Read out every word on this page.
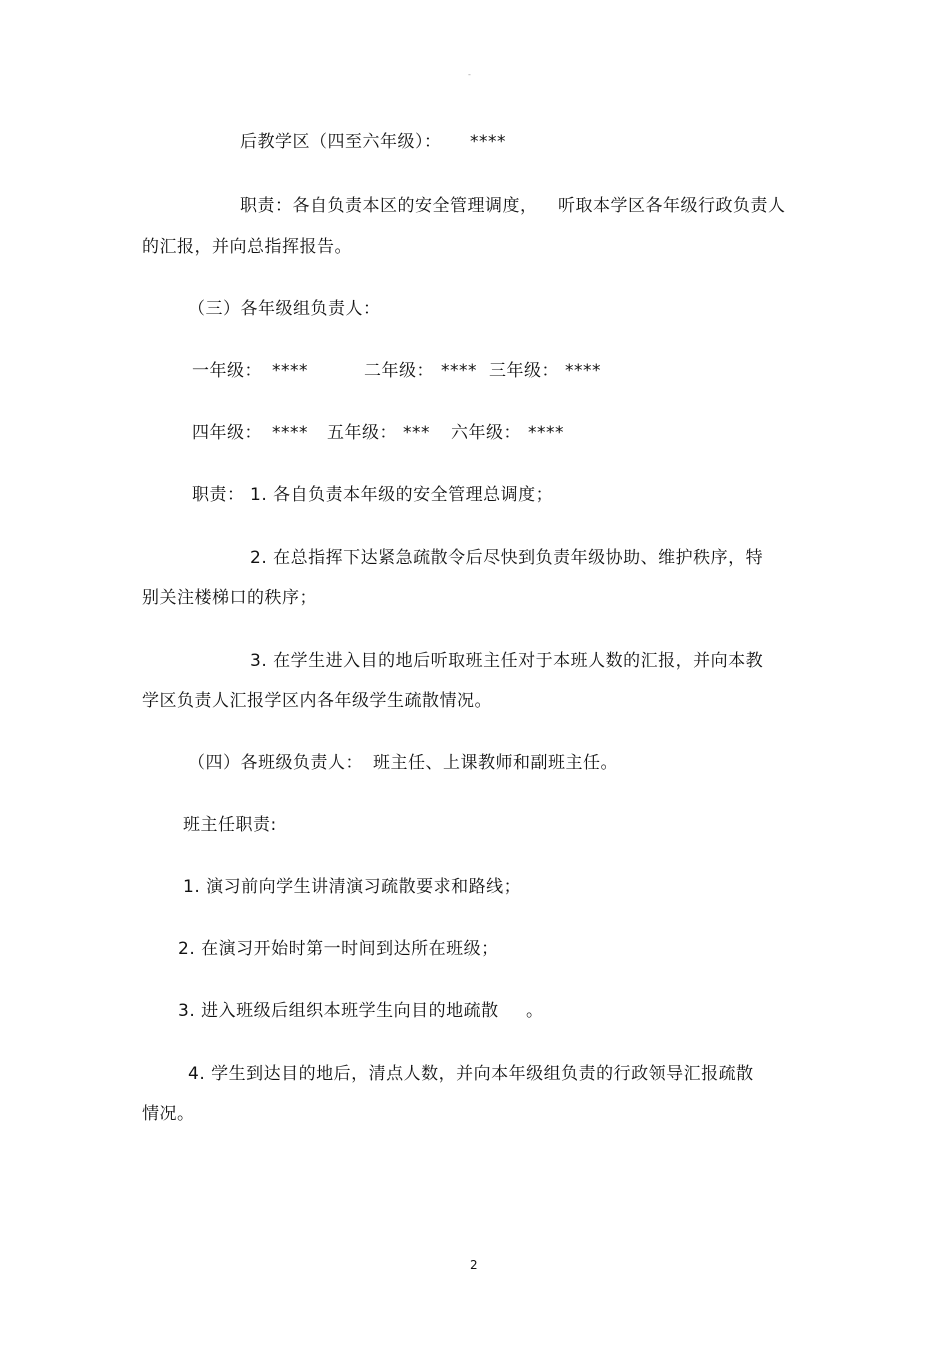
-
后教学区（四至六年级）： ****
职责：各自负责本区的安全管理调度， 听取本学区各年级行政负责人
的汇报，并向总指挥报告。
（三）各年级组负责人：
一年级： ****	二年级： **** 三年级： ****
四年级： **** 五年级： *** 六年级： ****
职责： 1. 各自负责本年级的安全管理总调度；
2. 在总指挥下达紧急疏散令后尽快到负责年级协助、维护秩序，特
别关注楼梯口的秩序；
3. 在学生进入目的地后听取班主任对于本班人数的汇报，并向本教
学区负责人汇报学区内各年级学生疏散情况。
（四）各班级负责人： 班主任、上课教师和副班主任。
班主任职责:
1. 演习前向学生讲清演习疏散要求和路线；
2. 在演习开始时第一时间到达所在班级；
3. 进入班级后组织本班学生向目的地疏散 。
4. 学生到达目的地后，清点人数，并向本年级组负责的行政领导汇报疏散
情况。
2
